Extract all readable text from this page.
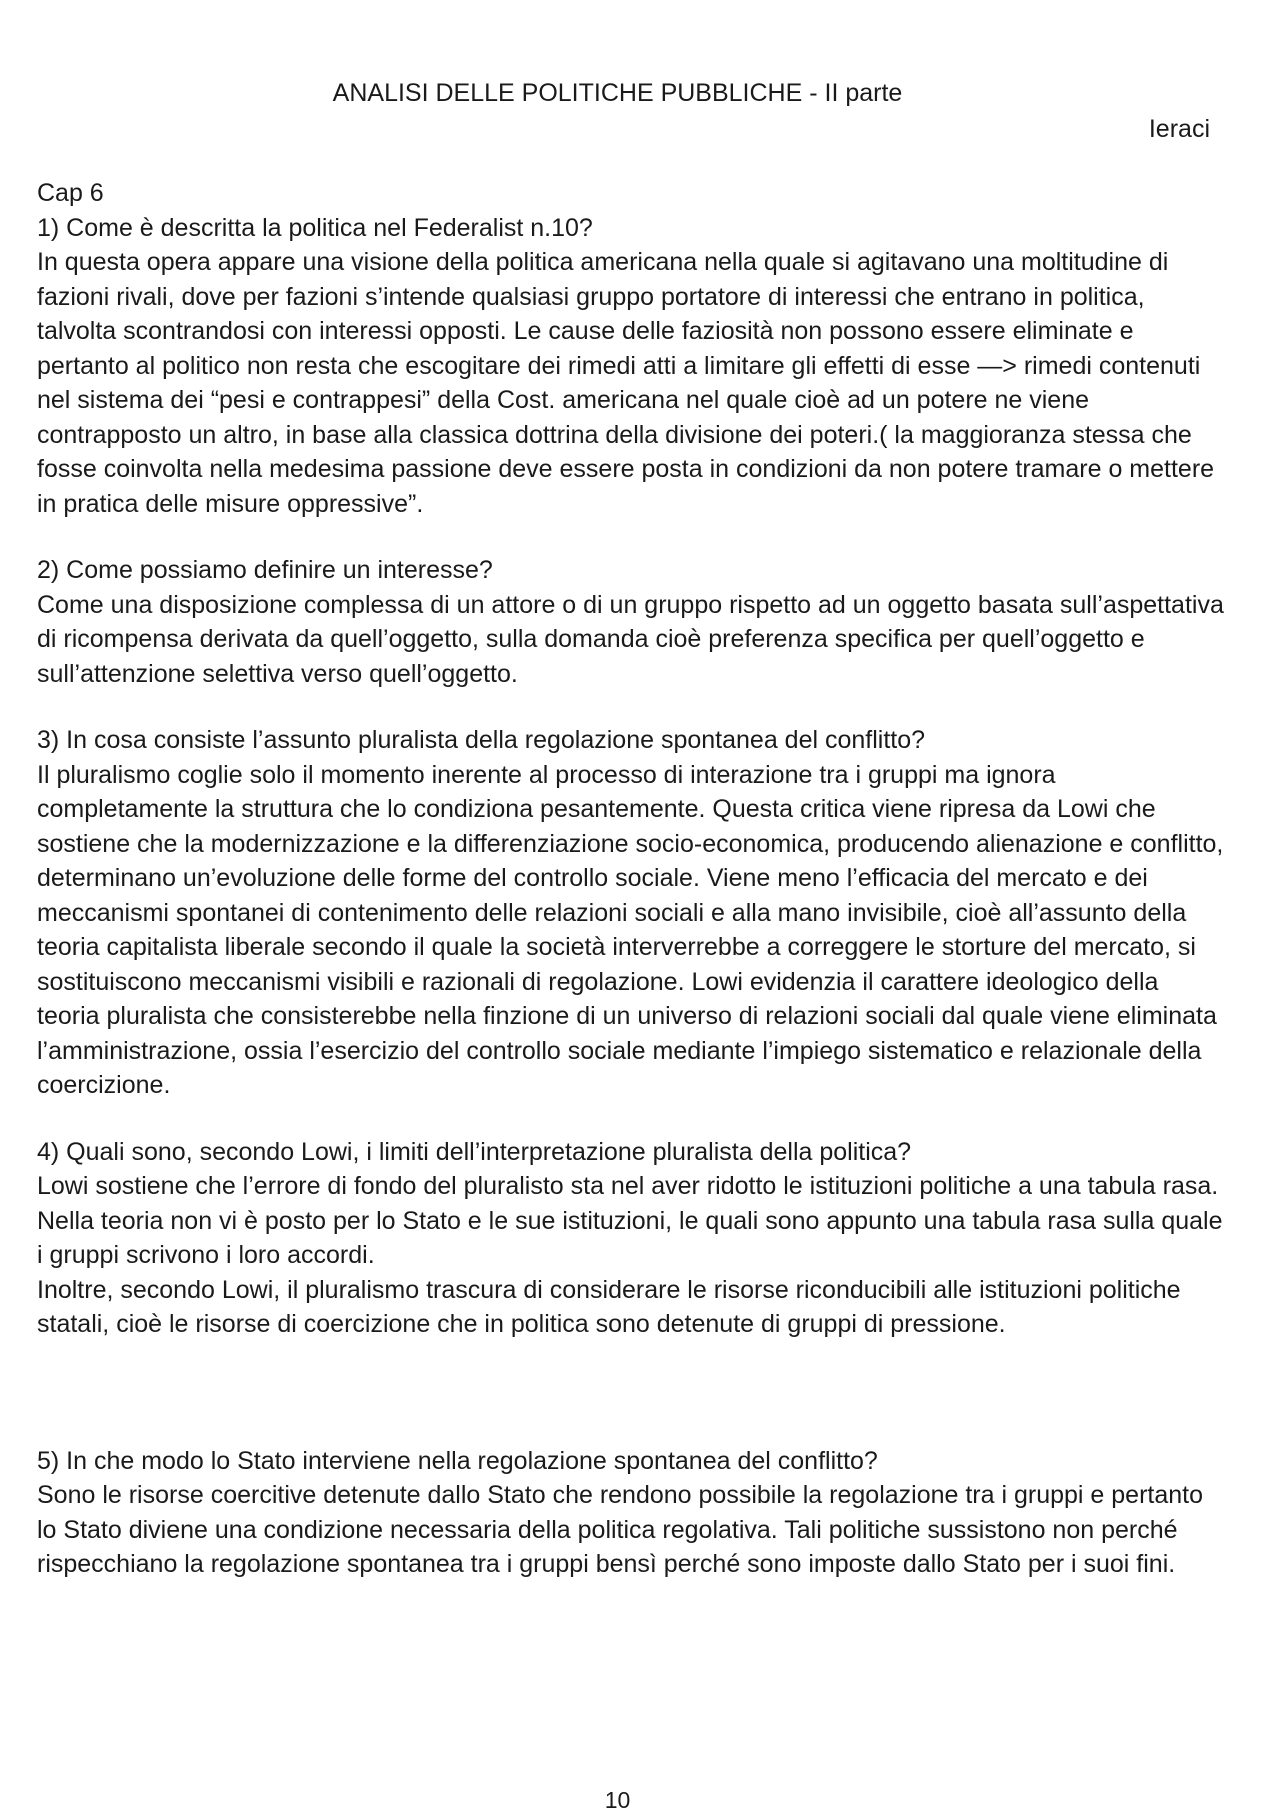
ANALISI DELLE POLITICHE PUBBLICHE - II parte
Ieraci

Cap 6

1) Come è descritta la politica nel Federalist n.10?

In questa opera appare una visione della politica americana nella quale si agitavano una moltitudine di fazioni rivali, dove per fazioni s’intende qualsiasi gruppo portatore di interessi che entrano in politica, talvolta scontrandosi con interessi opposti. Le cause delle faziosità non possono essere eliminate e pertanto al politico non resta che escogitare dei rimedi atti a limitare gli effetti di esse —> rimedi contenuti nel sistema dei “pesi e contrappesi” della Cost. americana nel quale cioè ad un potere ne viene contrapposto un altro, in base alla classica dottrina della divisione dei poteri.( la maggioranza stessa che fosse coinvolta nella medesima passione deve essere posta in condizioni da non potere tramare o mettere in pratica delle misure oppressive”.

2) Come possiamo definire un interesse?

Come una disposizione complessa di un attore o di un gruppo rispetto ad un oggetto basata sull’aspettativa di ricompensa derivata da quell’oggetto, sulla domanda cioè preferenza specifica per quell’oggetto e sull’attenzione selettiva verso quell’oggetto.

3) In cosa consiste l’assunto pluralista della regolazione spontanea del conflitto?

Il pluralismo coglie solo il momento inerente al processo di interazione tra i gruppi ma ignora completamente la struttura che lo condiziona pesantemente. Questa critica viene ripresa da Lowi che sostiene che la modernizzazione e la differenziazione socio-economica, producendo alienazione e conflitto, determinano un’evoluzione delle forme del controllo sociale. Viene meno l’efficacia del mercato e dei meccanismi spontanei di contenimento delle relazioni sociali e alla mano invisibile, cioè all’assunto della teoria capitalista liberale secondo il quale la società interverrebbe a correggere le storture del mercato, si sostituiscono meccanismi visibili e razionali di regolazione. Lowi evidenzia il carattere ideologico della teoria pluralista che consisterebbe nella finzione di un universo di relazioni sociali dal quale viene eliminata l’amministrazione, ossia l’esercizio del controllo sociale mediante l’impiego sistematico e relazionale della coercizione.

4) Quali sono, secondo Lowi, i limiti dell’interpretazione pluralista della politica?

Lowi sostiene che l’errore di fondo del pluralisto sta nel aver ridotto le istituzioni politiche a una tabula rasa. Nella teoria non vi è posto per lo Stato e le sue istituzioni, le quali sono appunto una tabula rasa sulla quale i gruppi scrivono i loro accordi.

Inoltre, secondo Lowi, il pluralismo trascura di considerare le risorse riconducibili alle istituzioni politiche statali, cioè le risorse di coercizione che in politica sono detenute di gruppi di pressione.

5) In che modo lo Stato interviene nella regolazione spontanea del conflitto?

Sono le risorse coercitive detenute dallo Stato che rendono possibile la regolazione tra i gruppi e pertanto lo Stato diviene una condizione necessaria della politica regolativa. Tali politiche sussistono non perché rispecchiano la regolazione spontanea tra i gruppi bensì perché sono imposte dallo Stato per i suoi fini.

10
